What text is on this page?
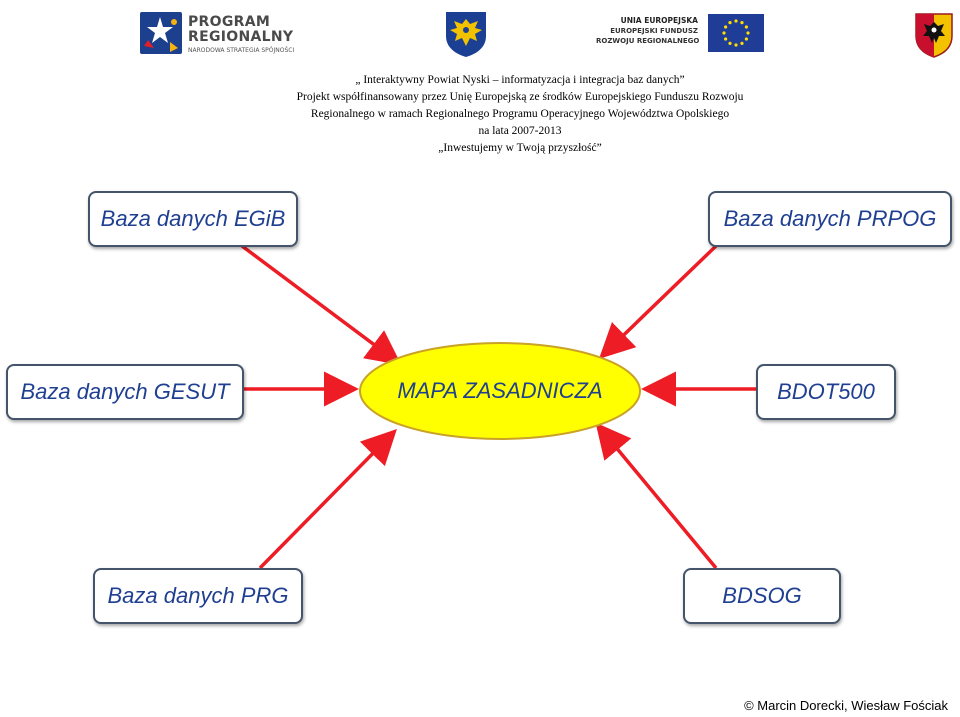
PROGRAM
REGIONALNY
NARODOWA STRATEGIA SPÓJNOŚCI
UNIA EUROPEJSKA
EUROPEJSKI FUNDUSZ
ROZWOJU REGIONALNEGO
„ Interaktywny Powiat Nyski – informatyzacja i integracja baz danych”
Projekt współfinansowany przez Unię Europejską ze środków Europejskiego Funduszu Rozwoju
Regionalnego w ramach Regionalnego Programu Operacyjnego Województwa Opolskiego
na lata 2007-2013
„Inwestujemy w Twoją przyszłość”
MAPA ZASADNICZA
Baza danych EGiB	Baza danych PRPOG
Baza danych GESUT	BDOT500
Baza danych PRG	BDSOG
© Marcin Dorecki, Wiesław Fościak
